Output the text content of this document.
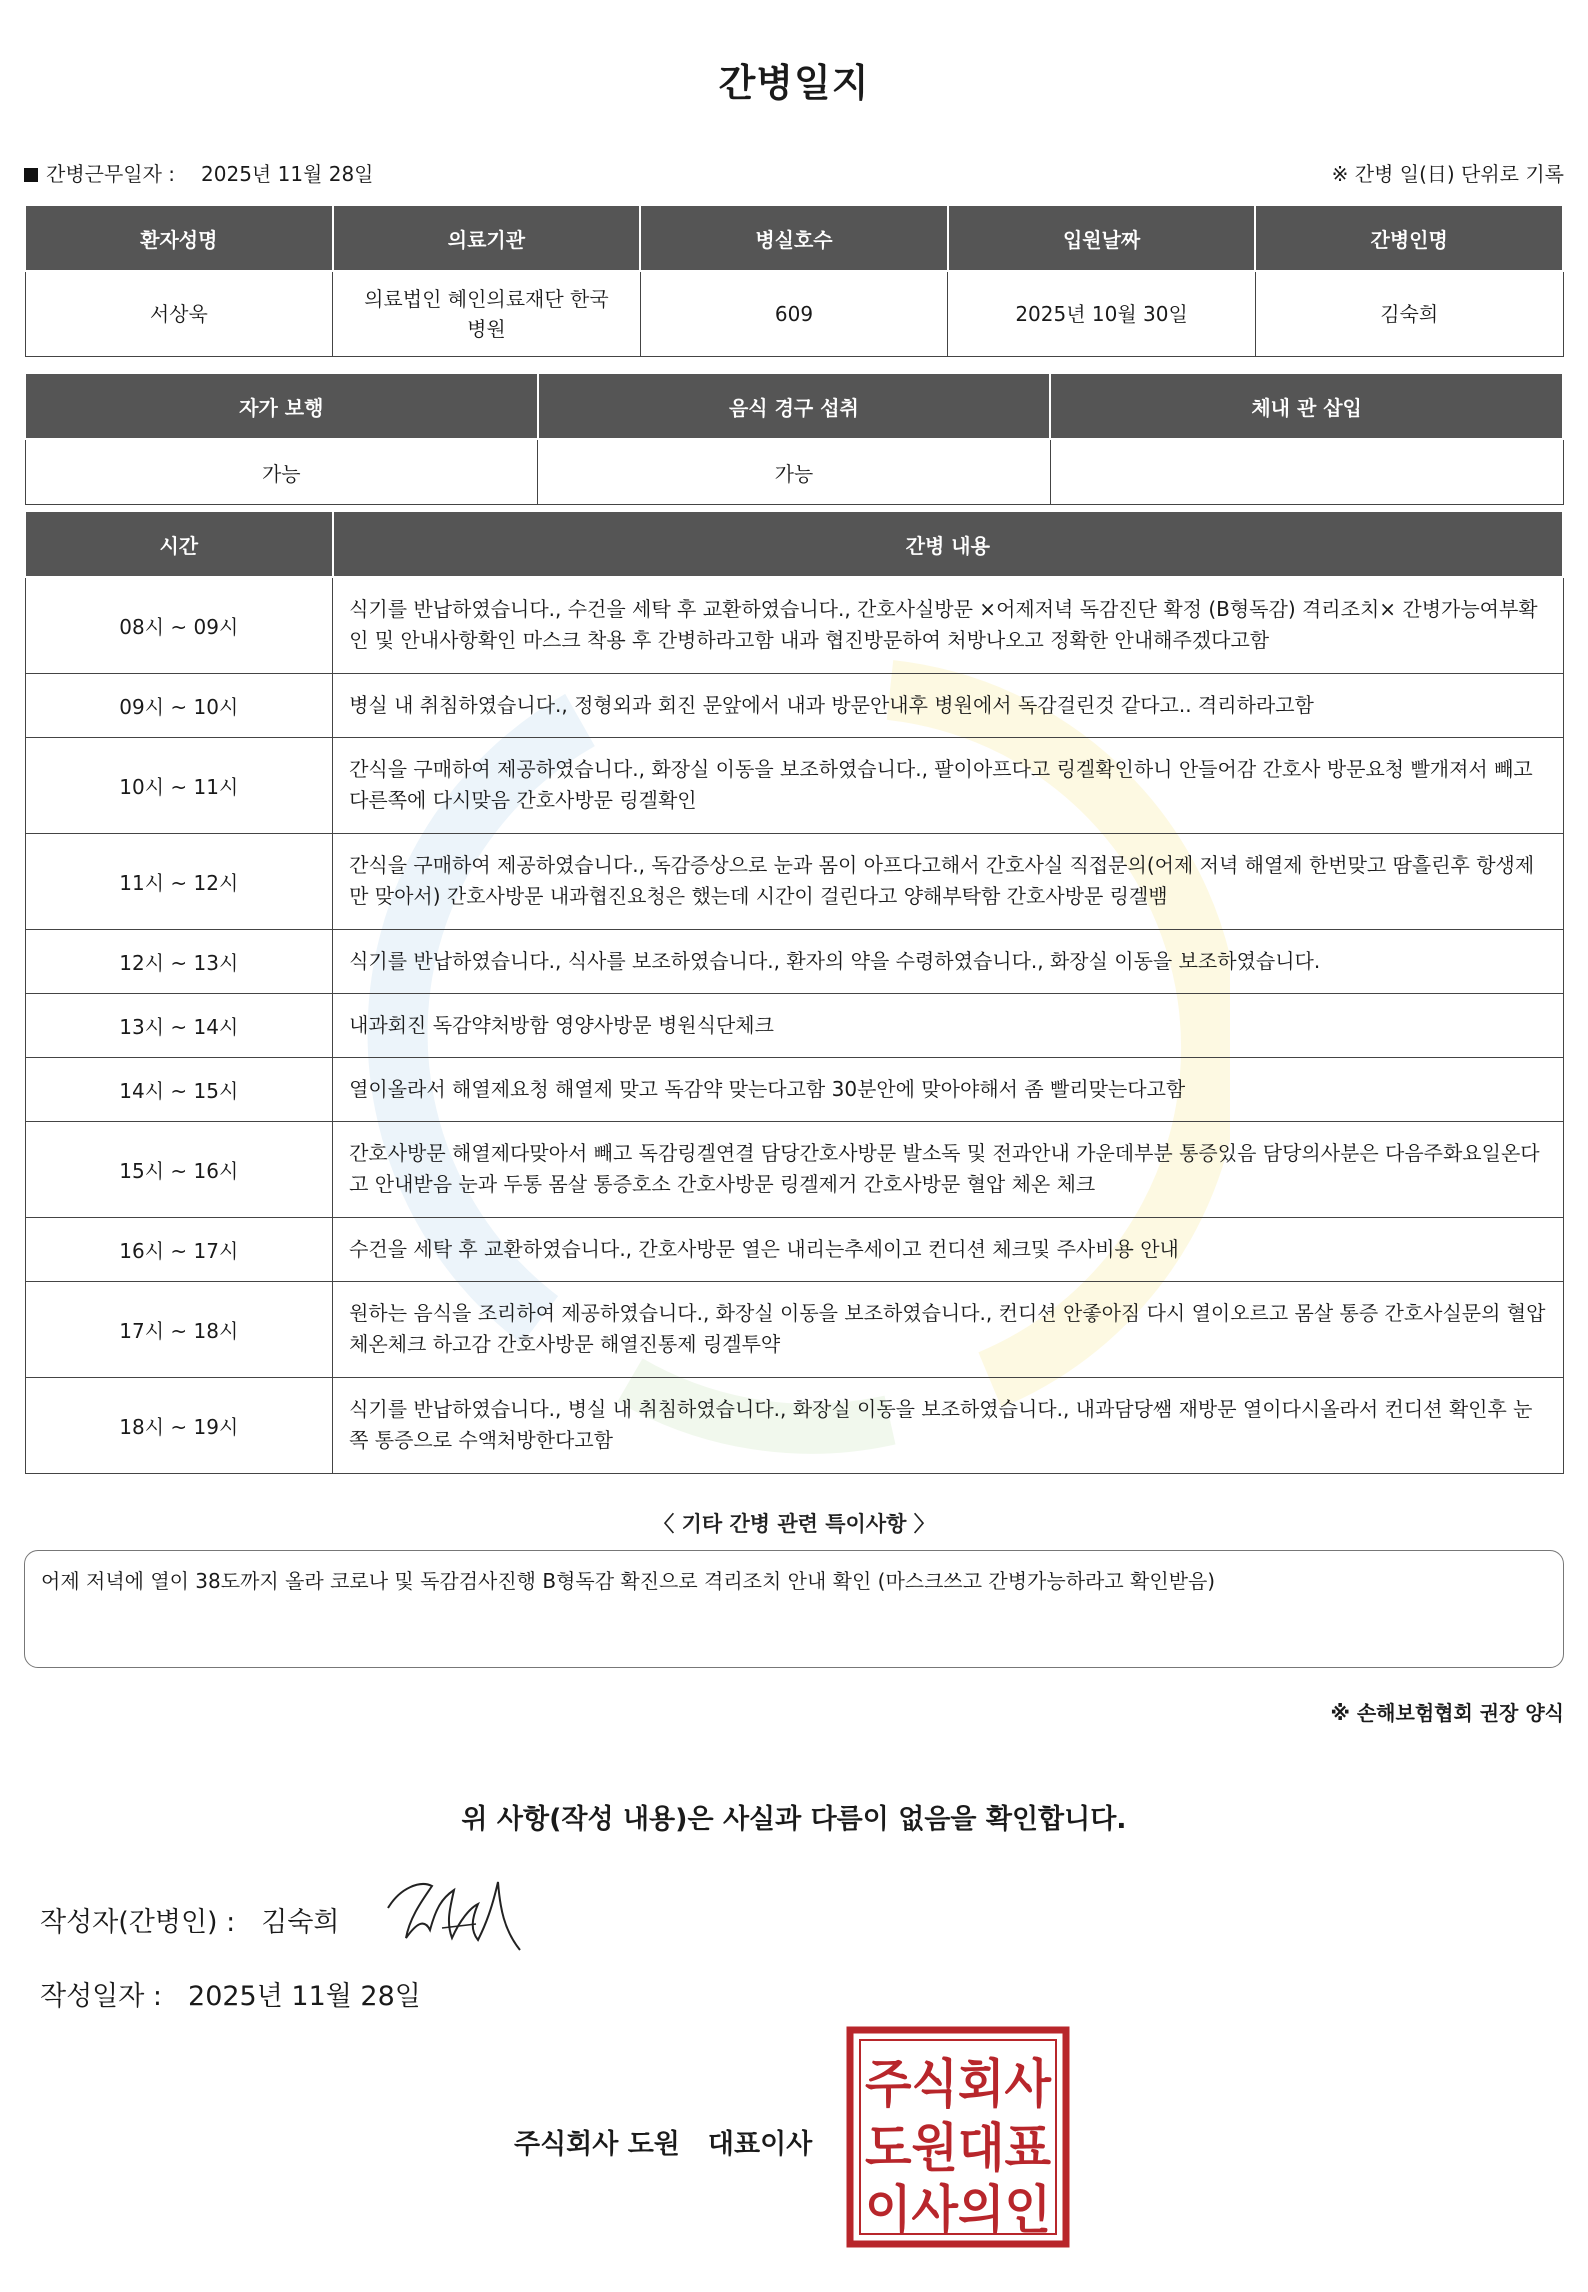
간병일지
간병근무일자 : 2025년 11월 28일	※ 간병 일(日) 단위로 기록
환자성명	의료기관	병실호수	입원날짜	간병인명
서상욱	의료법인 혜인의료재단 한국 병원	609	2025년 10월 30일	김숙희
자가 보행	음식 경구 섭취	체내 관 삽입
가능	가능	
시간	간병 내용
08시 ~ 09시	식기를 반납하였습니다., 수건을 세탁 후 교환하였습니다., 간호사실방문 ×어제저녁 독감진단 확정 (B형독감) 격리조치× 간병가능여부확인 및 안내사항확인 마스크 착용 후 간병하라고함 내과 협진방문하여 처방나오고 정확한 안내해주겠다고함
09시 ~ 10시	병실 내 취침하였습니다., 정형외과 회진 문앞에서 내과 방문안내후 병원에서 독감걸린것 같다고.. 격리하라고함
10시 ~ 11시	간식을 구매하여 제공하였습니다., 화장실 이동을 보조하였습니다., 팔이아프다고 링겔확인하니 안들어감 간호사 방문요청 빨개져서 빼고 다른쪽에 다시맞음 간호사방문 링겔확인
11시 ~ 12시	간식을 구매하여 제공하였습니다., 독감증상으로 눈과 몸이 아프다고해서 간호사실 직접문의(어제 저녁 해열제 한번맞고 땀흘린후 항생제만 맞아서) 간호사방문 내과협진요청은 했는데 시간이 걸린다고 양해부탁함 간호사방문 링겔뱀
12시 ~ 13시	식기를 반납하였습니다., 식사를 보조하였습니다., 환자의 약을 수령하였습니다., 화장실 이동을 보조하였습니다.
13시 ~ 14시	내과회진 독감약처방함 영양사방문 병원식단체크
14시 ~ 15시	열이올라서 해열제요청 해열제 맞고 독감약 맞는다고함 30분안에 맞아야해서 좀 빨리맞는다고함
15시 ~ 16시	간호사방문 해열제다맞아서 빼고 독감링겔연결 담당간호사방문 발소독 및 전과안내 가운데부분 통증있음 담당의사분은 다음주화요일온다고 안내받음 눈과 두통 몸살 통증호소 간호사방문 링겔제거 간호사방문 혈압 체온 체크
16시 ~ 17시	수건을 세탁 후 교환하였습니다., 간호사방문 열은 내리는추세이고 컨디션 체크및 주사비용 안내
17시 ~ 18시	원하는 음식을 조리하여 제공하였습니다., 화장실 이동을 보조하였습니다., 컨디션 안좋아짐 다시 열이오르고 몸살 통증 간호사실문의 혈압체온체크 하고감 간호사방문 해열진통제 링겔투약
18시 ~ 19시	식기를 반납하였습니다., 병실 내 취침하였습니다., 화장실 이동을 보조하였습니다., 내과담당쌤 재방문 열이다시올라서 컨디션 확인후 눈쪽 통증으로 수액처방한다고함
〈 기타 간병 관련 특이사항 〉
어제 저녁에 열이 38도까지 올라 코로나 및 독감검사진행 B형독감 확진으로 격리조치 안내 확인 (마스크쓰고 간병가능하라고 확인받음)
※ 손해보험협회 권장 양식
위 사항(작성 내용)은 사실과 다름이 없음을 확인합니다.
작성자(간병인) : 김숙희
작성일자 : 2025년 11월 28일
주식회사 도원 대표이사
주식회사
도원대표
이사의인
